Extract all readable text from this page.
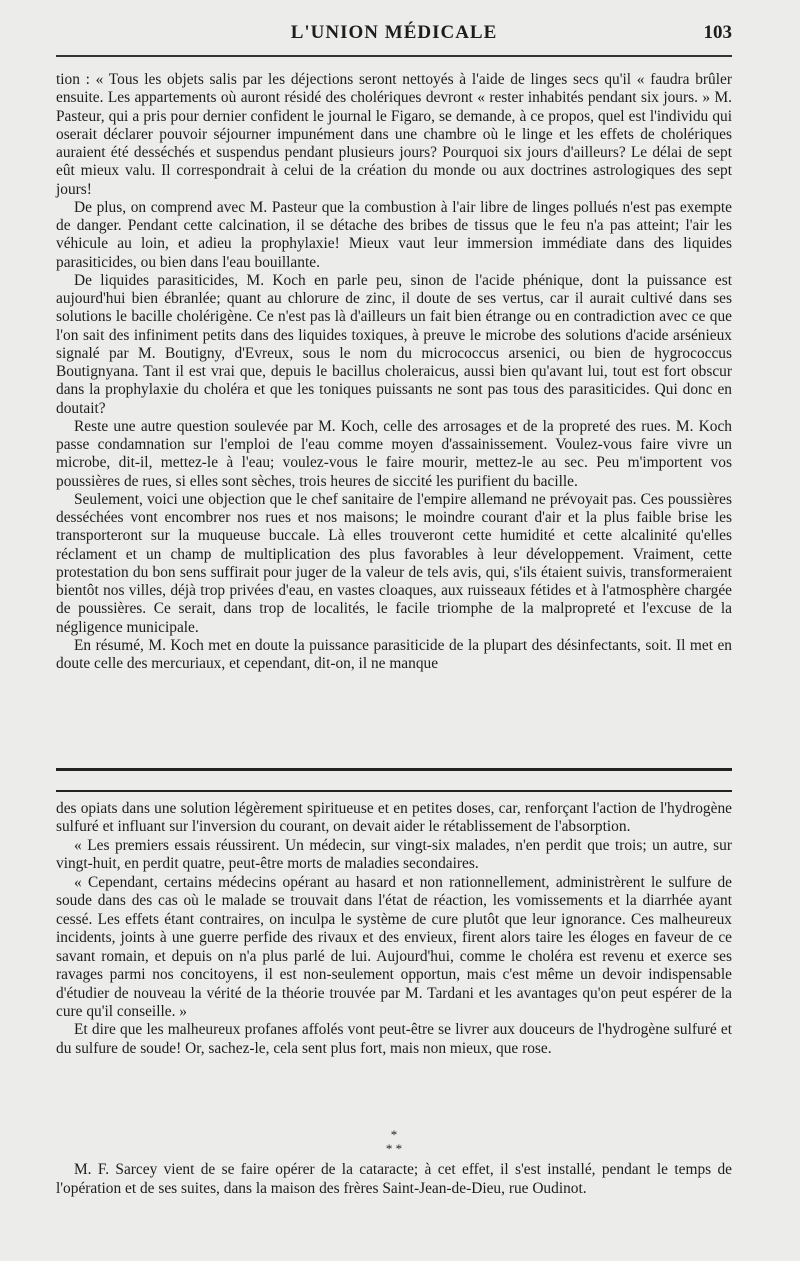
L'UNION MÉDICALE	103

tion : « Tous les objets salis par les déjections seront nettoyés à l'aide de linges secs qu'il « faudra brûler ensuite. Les appartements où auront résidé des cholériques devront « rester inhabités pendant six jours. » M. Pasteur, qui a pris pour dernier confident le journal le Figaro, se demande, à ce propos, quel est l'individu qui oserait déclarer pouvoir séjourner impunément dans une chambre où le linge et les effets de cholériques auraient été desséchés et suspendus pendant plusieurs jours? Pourquoi six jours d'ailleurs? Le délai de sept eût mieux valu. Il correspondrait à celui de la création du monde ou aux doctrines astrologiques des sept jours!

De plus, on comprend avec M. Pasteur que la combustion à l'air libre de linges pollués n'est pas exempte de danger. Pendant cette calcination, il se détache des bribes de tissus que le feu n'a pas atteint; l'air les véhicule au loin, et adieu la prophylaxie! Mieux vaut leur immersion immédiate dans des liquides parasiticides, ou bien dans l'eau bouillante.

De liquides parasiticides, M. Koch en parle peu, sinon de l'acide phénique, dont la puissance est aujourd'hui bien ébranlée; quant au chlorure de zinc, il doute de ses vertus, car il aurait cultivé dans ses solutions le bacille cholérigène. Ce n'est pas là d'ailleurs un fait bien étrange ou en contradiction avec ce que l'on sait des infiniment petits dans des liquides toxiques, à preuve le microbe des solutions d'acide arsénieux signalé par M. Boutigny, d'Evreux, sous le nom du micrococcus arsenici, ou bien de hygrococcus Boutignyana. Tant il est vrai que, depuis le bacillus choleraicus, aussi bien qu'avant lui, tout est fort obscur dans la prophylaxie du choléra et que les toniques puissants ne sont pas tous des parasiticides. Qui donc en doutait?

Reste une autre question soulevée par M. Koch, celle des arrosages et de la propreté des rues. M. Koch passe condamnation sur l'emploi de l'eau comme moyen d'assainissement. Voulez-vous faire vivre un microbe, dit-il, mettez-le à l'eau; voulez-vous le faire mourir, mettez-le au sec. Peu m'importent vos poussières de rues, si elles sont sèches, trois heures de siccité les purifient du bacille.

Seulement, voici une objection que le chef sanitaire de l'empire allemand ne prévoyait pas. Ces poussières desséchées vont encombrer nos rues et nos maisons; le moindre courant d'air et la plus faible brise les transporteront sur la muqueuse buccale. Là elles trouveront cette humidité et cette alcalinité qu'elles réclament et un champ de multiplication des plus favorables à leur développement. Vraiment, cette protestation du bon sens suffirait pour juger de la valeur de tels avis, qui, s'ils étaient suivis, transformeraient bientôt nos villes, déjà trop privées d'eau, en vastes cloaques, aux ruisseaux fétides et à l'atmosphère chargée de poussières. Ce serait, dans trop de localités, le facile triomphe de la malpropreté et l'excuse de la négligence municipale.

En résumé, M. Koch met en doute la puissance parasiticide de la plupart des désinfectants, soit. Il met en doute celle des mercuriaux, et cependant, dit-on, il ne manque

des opiats dans une solution légèrement spiritueuse et en petites doses, car, renforçant l'action de l'hydrogène sulfuré et influant sur l'inversion du courant, on devait aider le rétablissement de l'absorption.

« Les premiers essais réussirent. Un médecin, sur vingt-six malades, n'en perdit que trois; un autre, sur vingt-huit, en perdit quatre, peut-être morts de maladies secondaires.

« Cependant, certains médecins opérant au hasard et non rationnellement, administrèrent le sulfure de soude dans des cas où le malade se trouvait dans l'état de réaction, les vomissements et la diarrhée ayant cessé. Les effets étant contraires, on inculpa le système de cure plutôt que leur ignorance. Ces malheureux incidents, joints à une guerre perfide des rivaux et des envieux, firent alors taire les éloges en faveur de ce savant romain, et depuis on n'a plus parlé de lui. Aujourd'hui, comme le choléra est revenu et exerce ses ravages parmi nos concitoyens, il est non-seulement opportun, mais c'est même un devoir indispensable d'étudier de nouveau la vérité de la théorie trouvée par M. Tardani et les avantages qu'on peut espérer de la cure qu'il conseille. »

Et dire que les malheureux profanes affolés vont peut-être se livrer aux douceurs de l'hydrogène sulfuré et du sulfure de soude! Or, sachez-le, cela sent plus fort, mais non mieux, que rose.

*
* *

M. F. Sarcey vient de se faire opérer de la cataracte; à cet effet, il s'est installé, pendant le temps de l'opération et de ses suites, dans la maison des frères Saint-Jean-de-Dieu, rue Oudinot.
